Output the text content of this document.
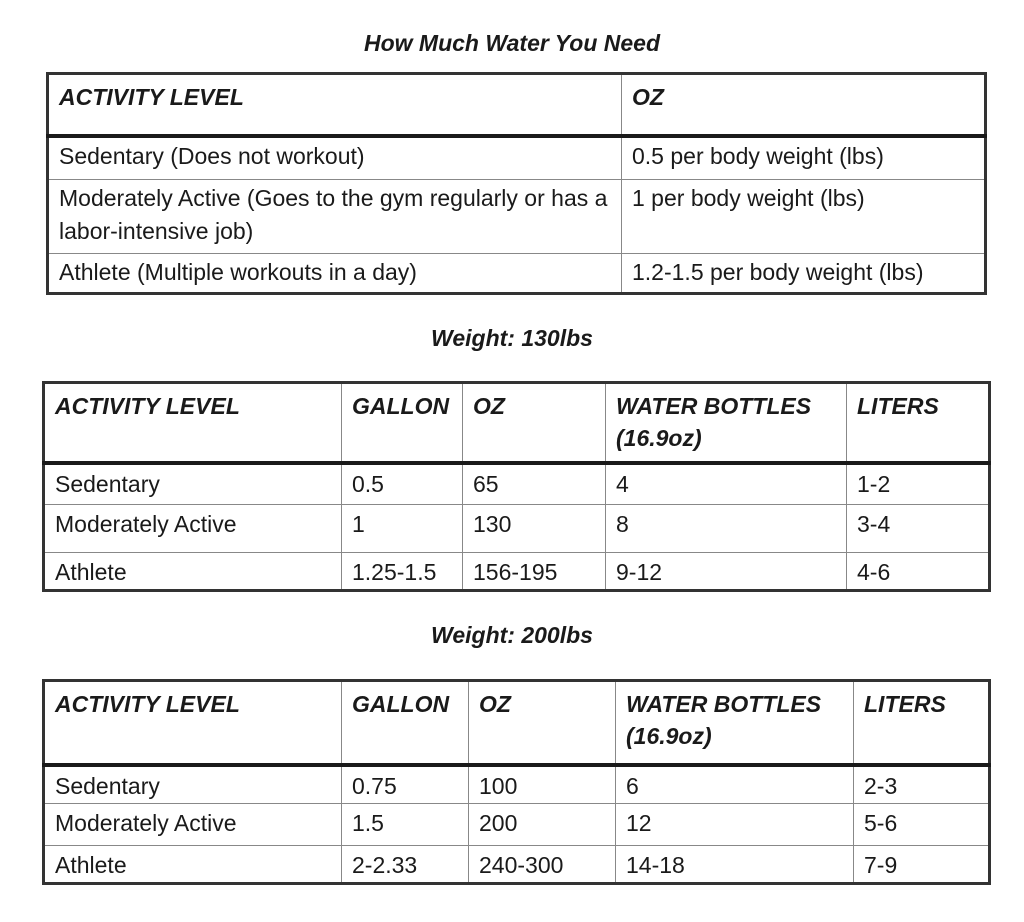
How Much Water You Need
ACTIVITY LEVEL	OZ
Sedentary (Does not workout)	0.5 per body weight (lbs)
Moderately Active (Goes to the gym regularly or has a labor-intensive job)	1 per body weight (lbs)
Athlete (Multiple workouts in a day)	1.2-1.5 per body weight (lbs)
Weight: 130lbs
ACTIVITY LEVEL	GALLON	OZ	WATER BOTTLES (16.9oz)	LITERS
Sedentary	0.5	65	4	1-2
Moderately Active	1	130	8	3-4
Athlete	1.25-1.5	156-195	9-12	4-6
Weight: 200lbs
ACTIVITY LEVEL	GALLON	OZ	WATER BOTTLES (16.9oz)	LITERS
Sedentary	0.75	100	6	2-3
Moderately Active	1.5	200	12	5-6
Athlete	2-2.33	240-300	14-18	7-9
